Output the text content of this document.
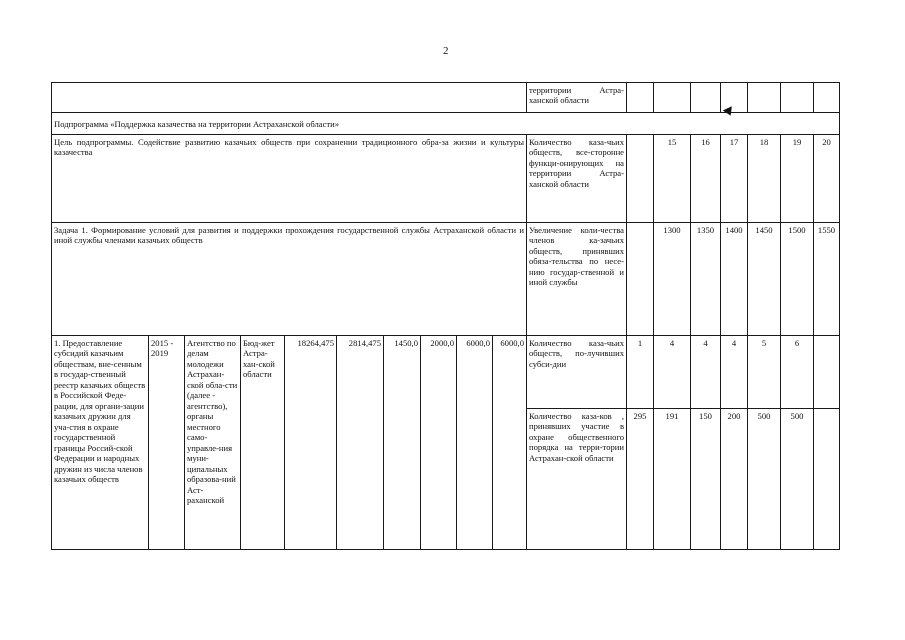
2
										территории Астра-ханской области							
Подпрограмма «Поддержка казачества на территории Астраханской области»																	
Цель подпрограммы. Содействие развитию казачьих обществ при сохранении традиционного обра-за жизни и культуры казачества										Количество каза-чьих обществ, все-сторонне функци-онирующих на территории Астра-ханской области		15	16	17	18	19	20
Задача 1. Формирование условий для развития и поддержки прохождения государственной службы Астраханской области и иной службы членами казачьих обществ										Увеличение коли-чества членов ка-зачьих обществ, принявших обяза-тельства по несе-нию государ-ственной и иной службы		1300	1350	1400	1450	1500	1550
1. Предоставление субсидий казачьим обществам, вне-сенным в государ-ственный реестр казачьих обществ в Российской Феде-рации, для органи-зации казачьих дружин для уча-стия в охране государственной границы Россий-ской Федерации и народных дружин из числа членов казачьих обществ	2015 - 2019	Агентство по делам молодежи Астрахан-ской обла-сти (далее - агентство), органы местного само-управле-ния муни-ципальных образова-ний Аст-раханской	Бюд-жет Астра-хан-ской области	18264,475	2814,475	1450,0	2000,0	6000,0	6000,0	Количество каза-чьих обществ, по-лучивших субси-дии	1	4	4	4	5	6	
										Количество каза-ков , принявших участие в охране общественного порядка на терри-тории Астрахан-ской области	295	191	150	200	500	500	
